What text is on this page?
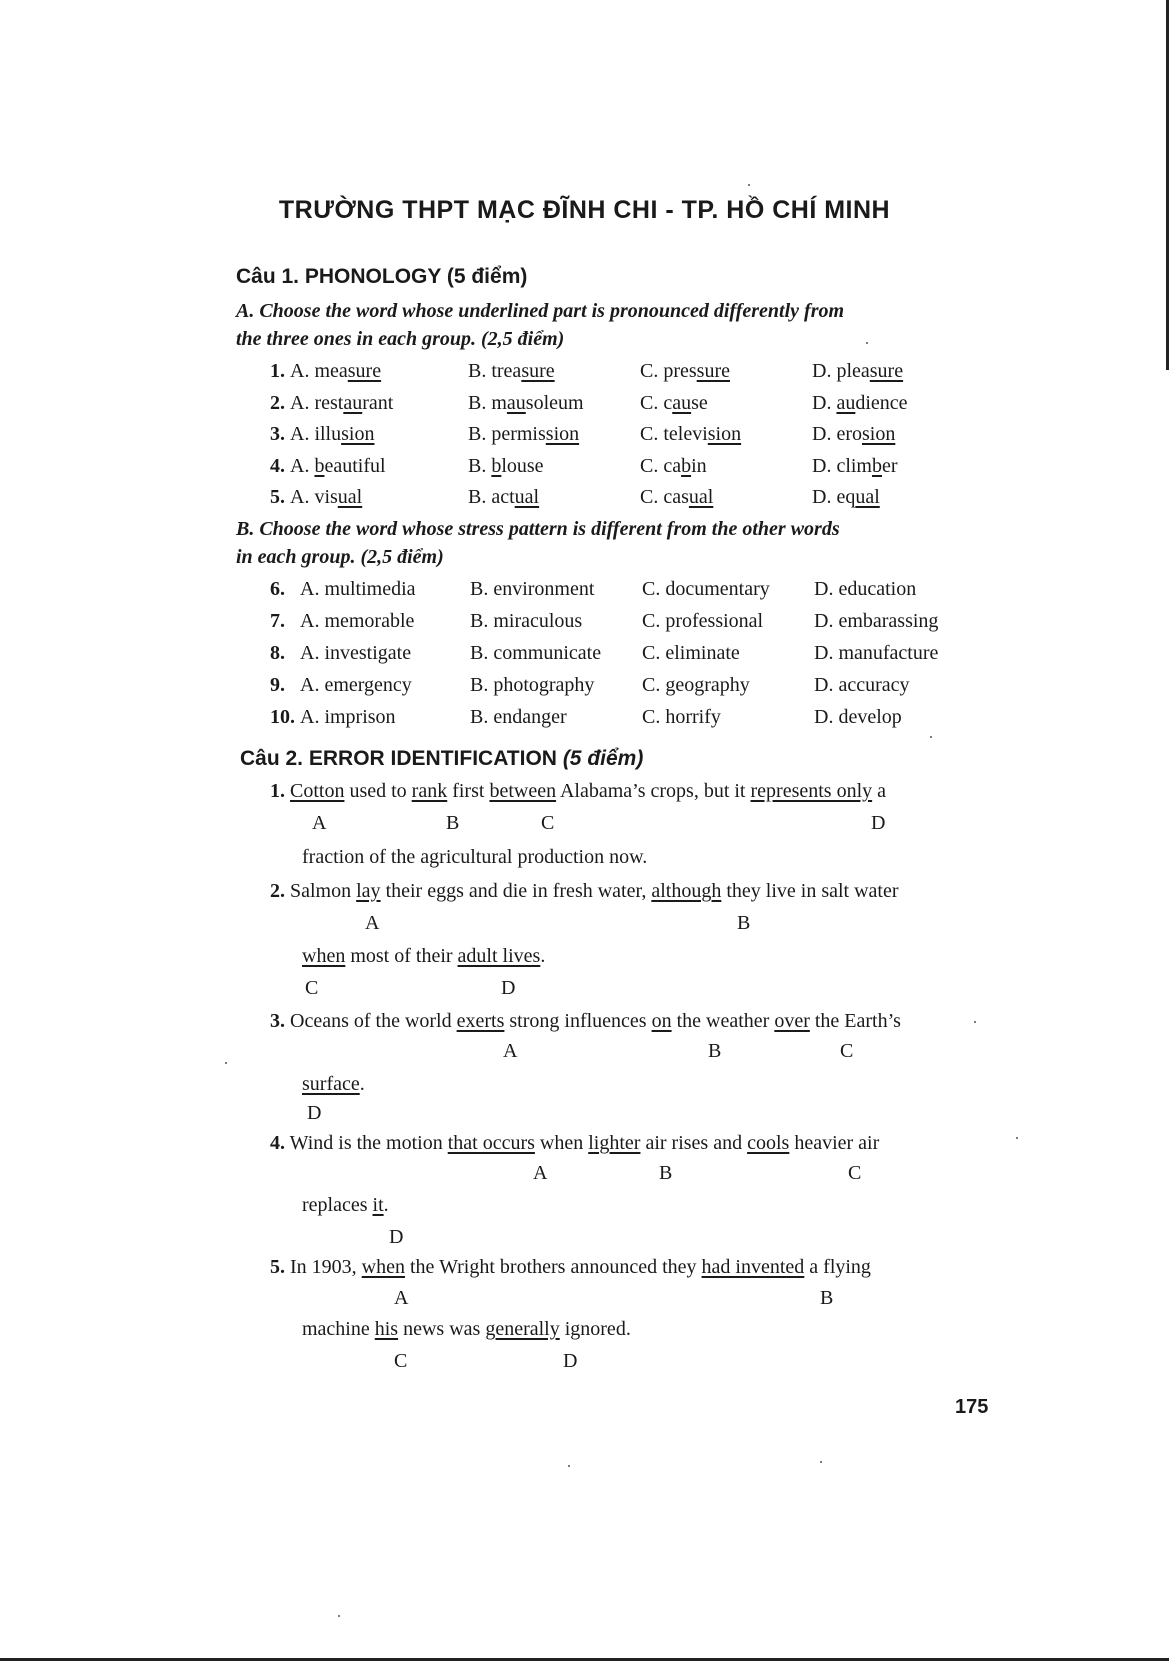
TRƯỜNG THPT MẠC ĐĨNH CHI - TP. HỒ CHÍ MINH
Câu 1. PHONOLOGY (5 điểm)
A. Choose the word whose underlined part is pronounced differently from
the three ones in each group. (2,5 điểm)
1. A. measure	B. treasure	C. pressure	D. pleasure
2. A. restaurant	B. mausoleum	C. cause	D. audience
3. A. illusion	B. permission	C. television	D. erosion
4. A. beautiful	B. blouse	C. cabin	D. climber
5. A. visual	B. actual	C. casual	D. equal
B. Choose the word whose stress pattern is different from the other words
in each group. (2,5 điểm)
6. A. multimedia	B. environment C. documentary D. education
7. A. memorable	B. miraculous	C. professional	D. embarassing
8. A. investigate	B. communicate C. eliminate	D. manufacture
9. A. emergency	B. photography C. geography	D. accuracy
10. A. imprison	B. endanger	C. horrify	D. develop
Câu 2. ERROR IDENTIFICATION (5 điểm)
1. Cotton used to rank first between Alabama’s crops, but it represents only a
A	B	C	D
fraction of the agricultural production now.
2. Salmon lay their eggs and die in fresh water, although they live in salt water
A	B
when most of their adult lives.
C	D
3. Oceans of the world exerts strong influences on the weather over the Earth’s
A	B	C
surface.
D
4. Wind is the motion that occurs when lighter air rises and cools heavier air
A	B	C
replaces it.
D
5. In 1903, when the Wright brothers announced they had invented a flying
A	B
machine his news was generally ignored.
C	D
175
